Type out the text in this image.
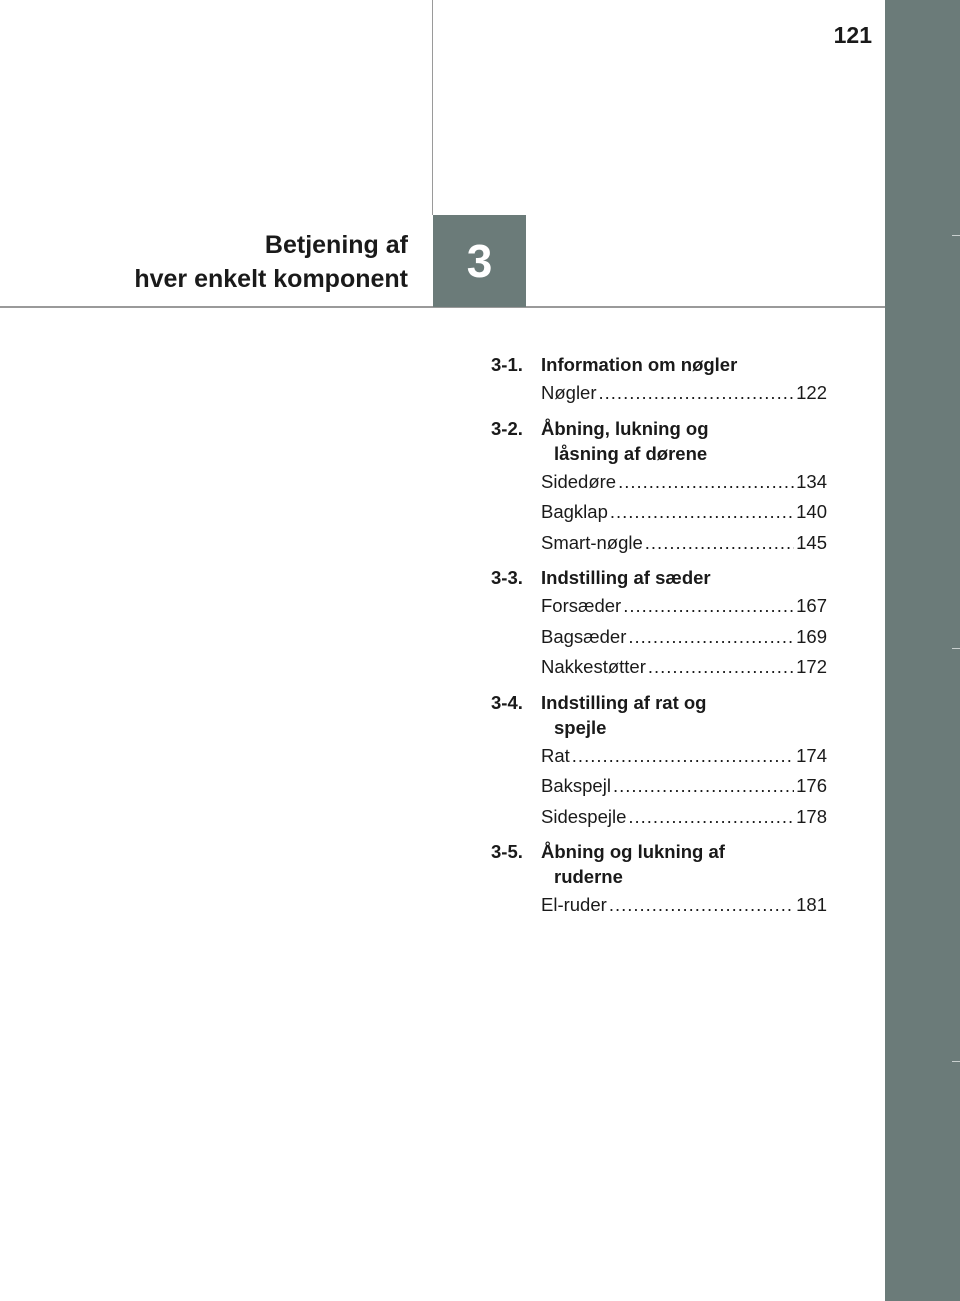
121
3
Betjening af
hver enkelt komponent
3-1. Information om nøgler
Nøgler .....	122
3-2. Åbning, lukning og
låsning af dørene
Sidedøre .....	134
Bagklap .....	140
Smart-nøgle .....	145
3-3. Indstilling af sæder
Forsæder .....	167
Bagsæder .....	169
Nakkestøtter .....	172
3-4. Indstilling af rat og
spejle
Rat .....	174
Bakspejl .....	176
Sidespejle .....	178
3-5. Åbning og lukning af
ruderne
El-ruder .....	181
